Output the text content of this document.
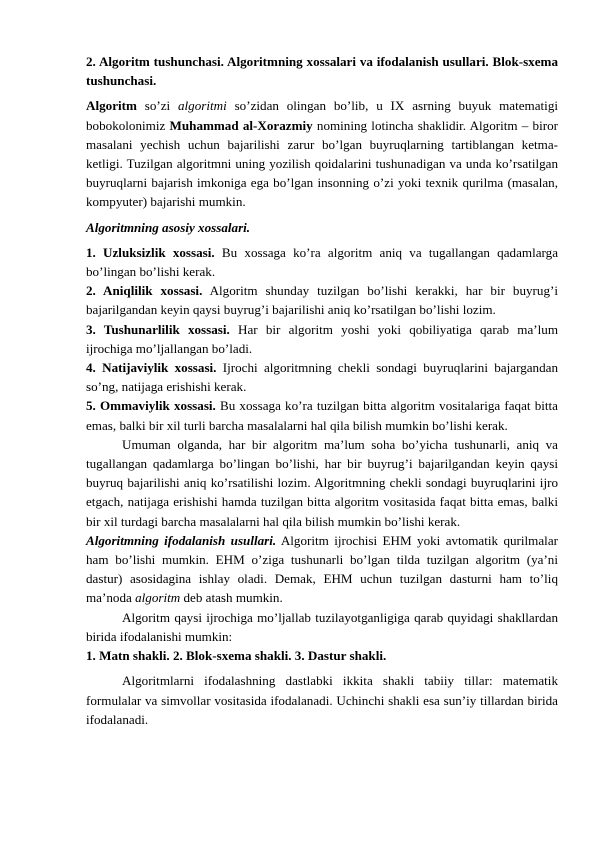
2. Algoritm tushunchasi. Algoritmning xossalari va ifodalanish usullari. Blok-sxema tushunchasi.

Algoritm so’zi algoritmi so’zidan olingan bo’lib, u IX asrning buyuk matematigi bobokolonimiz Muhammad al-Xorazmiy nomining lotincha shaklidir. Algoritm – biror masalani yechish uchun bajarilishi zarur bo’lgan buyruqlarning tartiblangan ketma-ketligi. Tuzilgan algoritmni uning yozilish qoidalarini tushunadigan va unda ko’rsatilgan buyruqlarni bajarish imkoniga ega bo’lgan insonning o’zi yoki texnik qurilma (masalan, kompyuter) bajarishi mumkin.

Algoritmning asosiy xossalari.

1. Uzluksizlik xossasi. Bu xossaga ko’ra algoritm aniq va tugallangan qadamlarga bo’lingan bo’lishi kerak.

2. Aniqlilik xossasi. Algoritm shunday tuzilgan bo’lishi kerakki, har bir buyrug’i bajarilgandan keyin qaysi buyrug’i bajarilishi aniq ko’rsatilgan bo’lishi lozim.

3. Tushunarlilik xossasi. Har bir algoritm yoshi yoki qobiliyatiga qarab ma’lum ijrochiga mo’ljallangan bo’ladi.

4. Natijaviylik xossasi. Ijrochi algoritmning chekli sondagi buyruqlarini bajargandan so’ng, natijaga erishishi kerak.

5. Ommaviylik xossasi. Bu xossaga ko’ra tuzilgan bitta algoritm vositalariga faqat bitta emas, balki bir xil turli barcha masalalarni hal qila bilish mumkin bo’lishi kerak.

Umuman olganda, har bir algoritm ma’lum soha bo’yicha tushunarli, aniq va tugallangan qadamlarga bo’lingan bo’lishi, har bir buyrug’i bajarilgandan keyin qaysi buyruq bajarilishi aniq ko’rsatilishi lozim. Algoritmning chekli sondagi buyruqlarini ijro etgach, natijaga erishishi hamda tuzilgan bitta algoritm vositasida faqat bitta emas, balki bir xil turdagi barcha masalalarni hal qila bilish mumkin bo’lishi kerak.

Algoritmning ifodalanish usullari. Algoritm ijrochisi EHM yoki avtomatik qurilmalar ham bo’lishi mumkin. EHM o’ziga tushunarli bo’lgan tilda tuzilgan algoritm (ya’ni dastur) asosidagina ishlay oladi. Demak, EHM uchun tuzilgan dasturni ham to’liq ma’noda algoritm deb atash mumkin.

Algoritm qaysi ijrochiga mo’ljallab tuzilayotganligiga qarab quyidagi shakllardan birida ifodalanishi mumkin:

1. Matn shakli. 2. Blok-sxema shakli. 3. Dastur shakli.

Algoritmlarni ifodalashning dastlabki ikkita shakli tabiiy tillar: matematik formulalar va simvollar vositasida ifodalanadi. Uchinchi shakli esa sun’iy tillardan birida ifodalanadi.
